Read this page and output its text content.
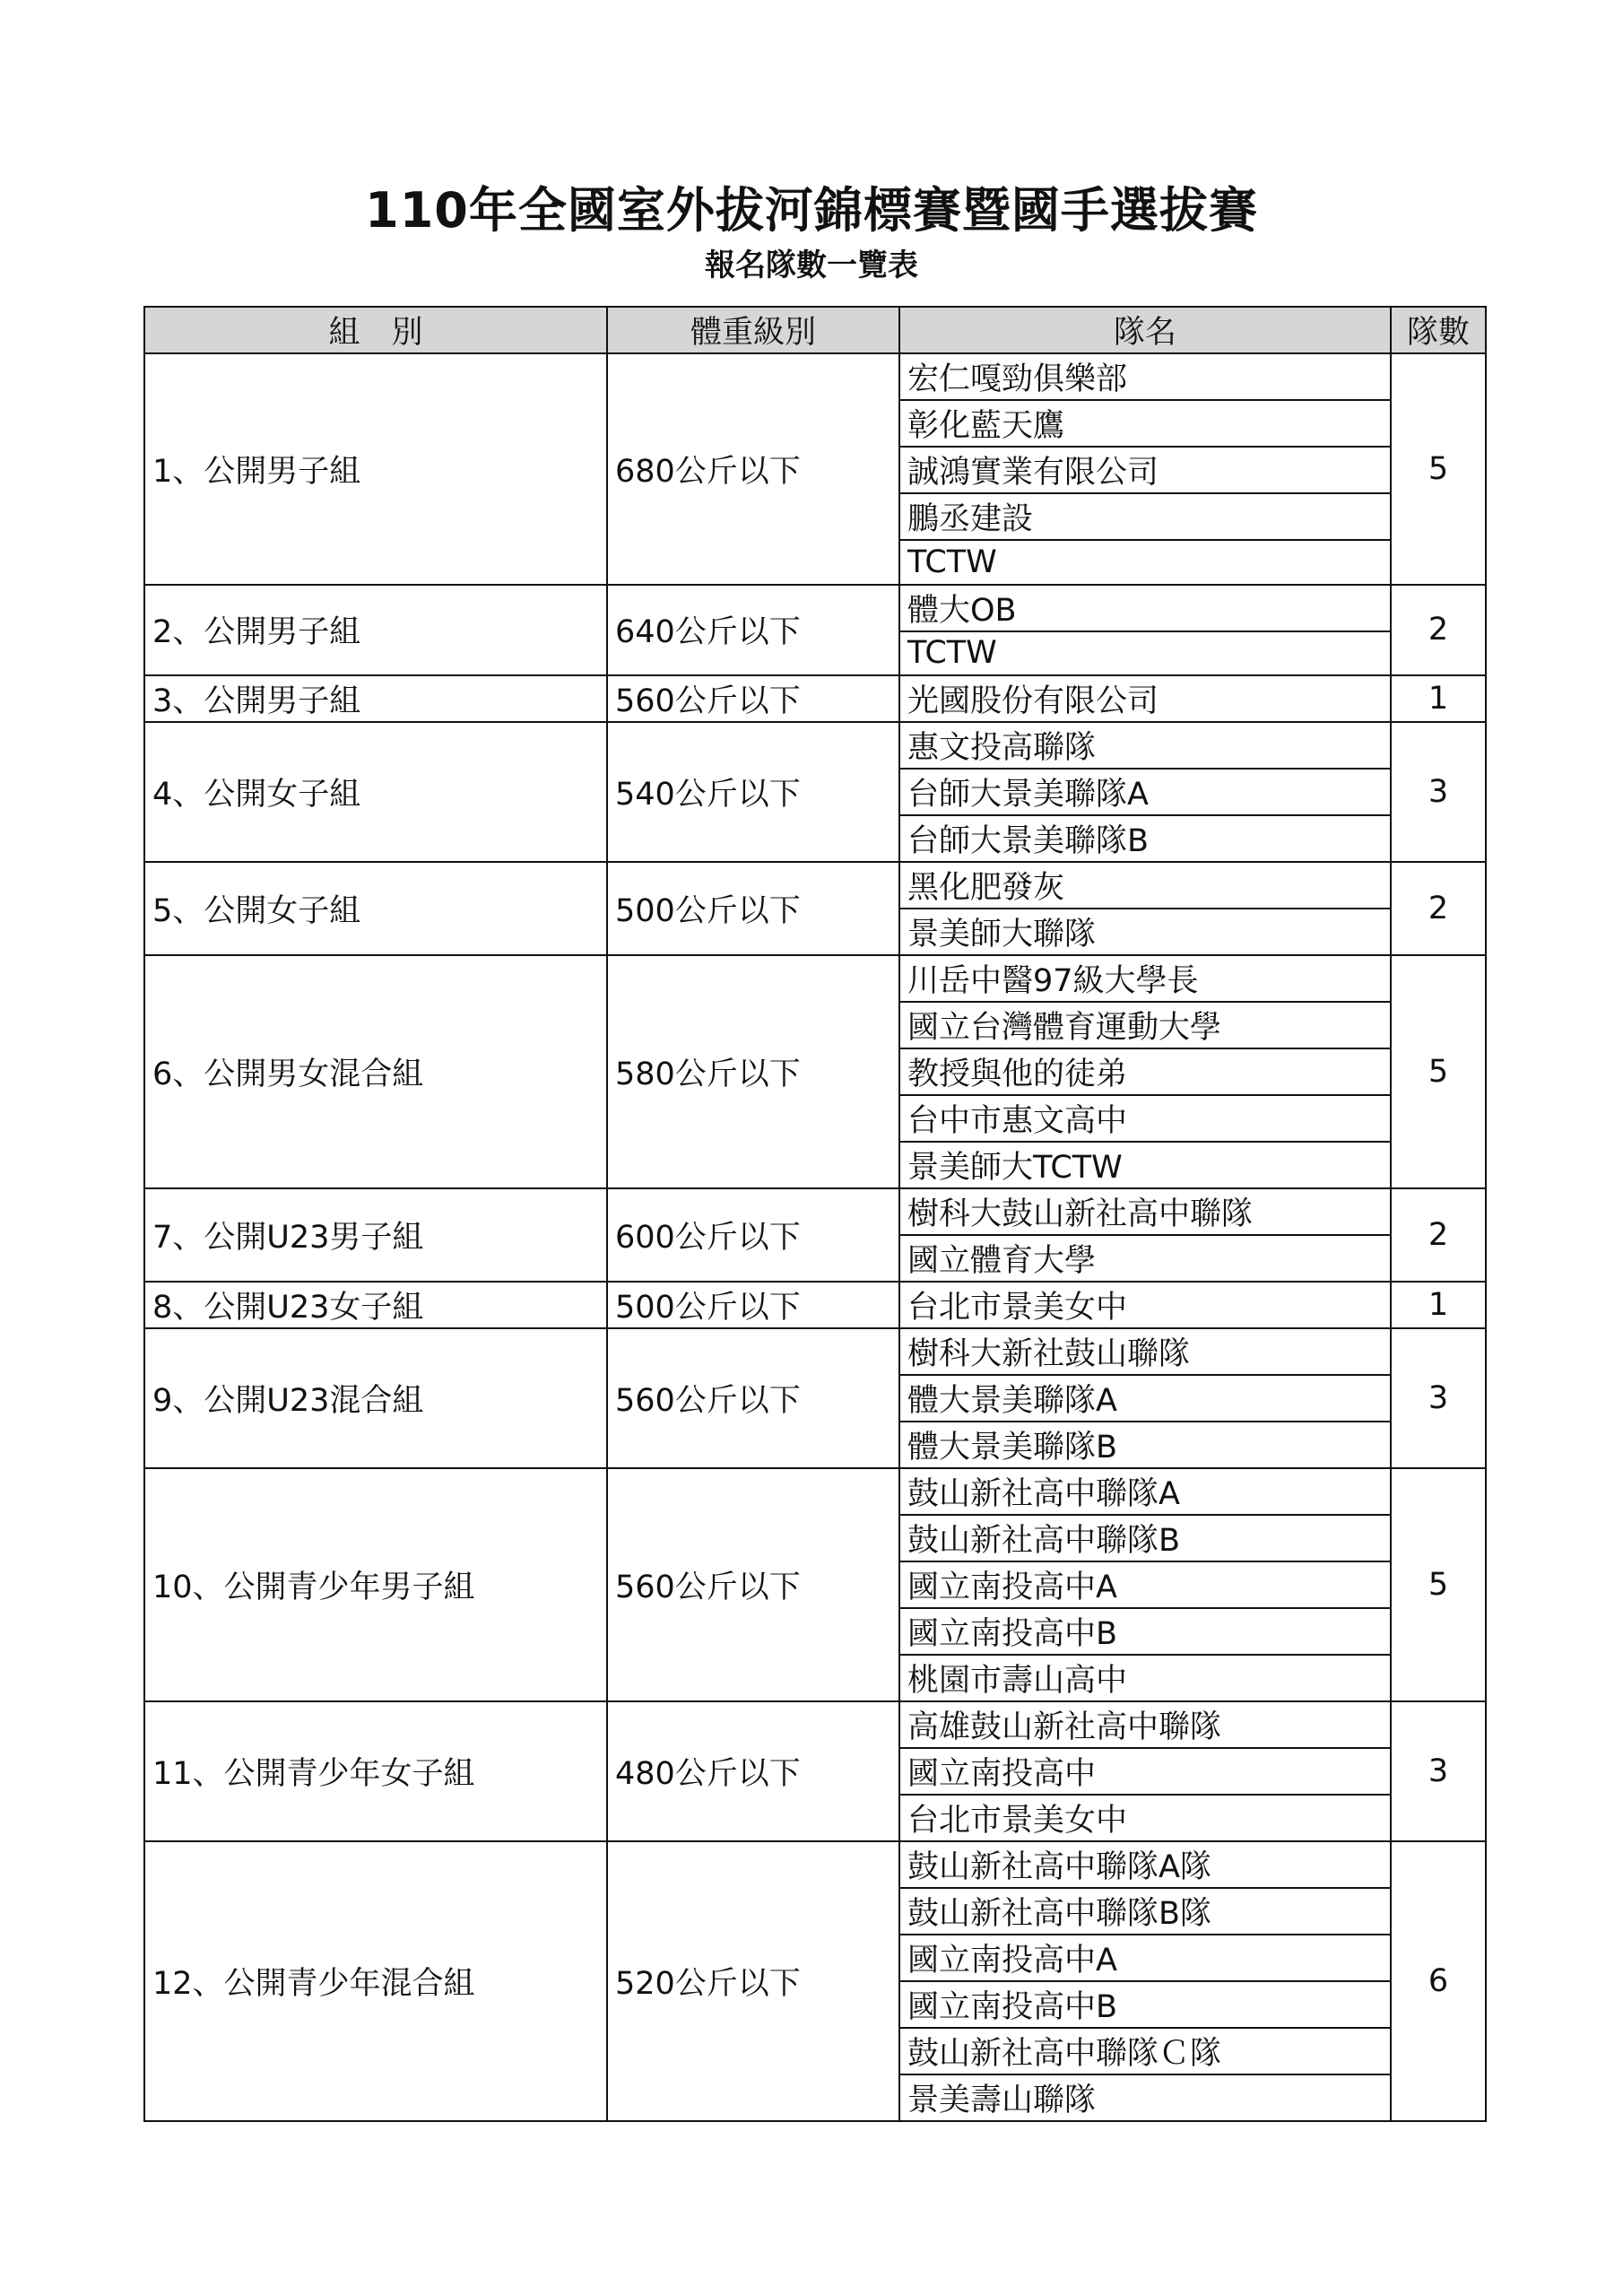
110年全國室外拔河錦標賽暨國手選拔賽
報名隊數一覽表
組　別	體重級別	隊名	隊數
1、公開男子組	680公斤以下	宏仁嘎勁俱樂部	5
		彰化藍天鷹	
		誠鴻實業有限公司	
		鵬丞建設	
		TCTW	
2、公開男子組	640公斤以下	體大OB	2
		TCTW	
3、公開男子組	560公斤以下	光國股份有限公司	1
4、公開女子組	540公斤以下	惠文投高聯隊	3
		台師大景美聯隊A	
		台師大景美聯隊B	
5、公開女子組	500公斤以下	黑化肥發灰	2
		景美師大聯隊	
6、公開男女混合組	580公斤以下	川岳中醫97級大學長	5
		國立台灣體育運動大學	
		教授與他的徒弟	
		台中市惠文高中	
		景美師大TCTW	
7、公開U23男子組	600公斤以下	樹科大鼓山新社高中聯隊	2
		國立體育大學	
8、公開U23女子組	500公斤以下	台北市景美女中	1
9、公開U23混合組	560公斤以下	樹科大新社鼓山聯隊	3
		體大景美聯隊A	
		體大景美聯隊B	
10、公開青少年男子組	560公斤以下	鼓山新社高中聯隊A	5
		鼓山新社高中聯隊B	
		國立南投高中A	
		國立南投高中B	
		桃園市壽山高中	
11、公開青少年女子組	480公斤以下	高雄鼓山新社高中聯隊	3
		國立南投高中	
		台北市景美女中	
12、公開青少年混合組	520公斤以下	鼓山新社高中聯隊A隊	6
		鼓山新社高中聯隊B隊	
		國立南投高中A	
		國立南投高中B	
		鼓山新社高中聯隊Ｃ隊	
		景美壽山聯隊	
